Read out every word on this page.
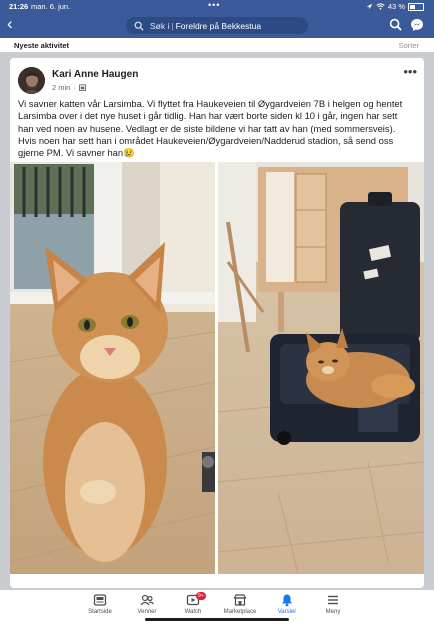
21:26 man. 6. jun.	•••	43 %
‹	Søk i | Foreldre på Bekkestua
Nyeste aktivitet	Sorter
Kari Anne Haugen
2 min ·
•••
Vi savner katten vår Larsimba. Vi flyttet fra Haukeveien til Øygardveien 7B i helgen og hentet Larsimba over i det nye huset i går tidlig. Han har vært borte siden kl 10 i går, ingen har sett han ved noen av husene. Vedlagt er de siste bildene vi har tatt av han (med sommersveis). Hvis noen har sett han i området Haukeveien/Øygardveien/Nadderud stadion, så send oss gjerne PM. Vi savner han😢
Startside	Venner
9+
Watch	Marketplace	Varsler	Meny
